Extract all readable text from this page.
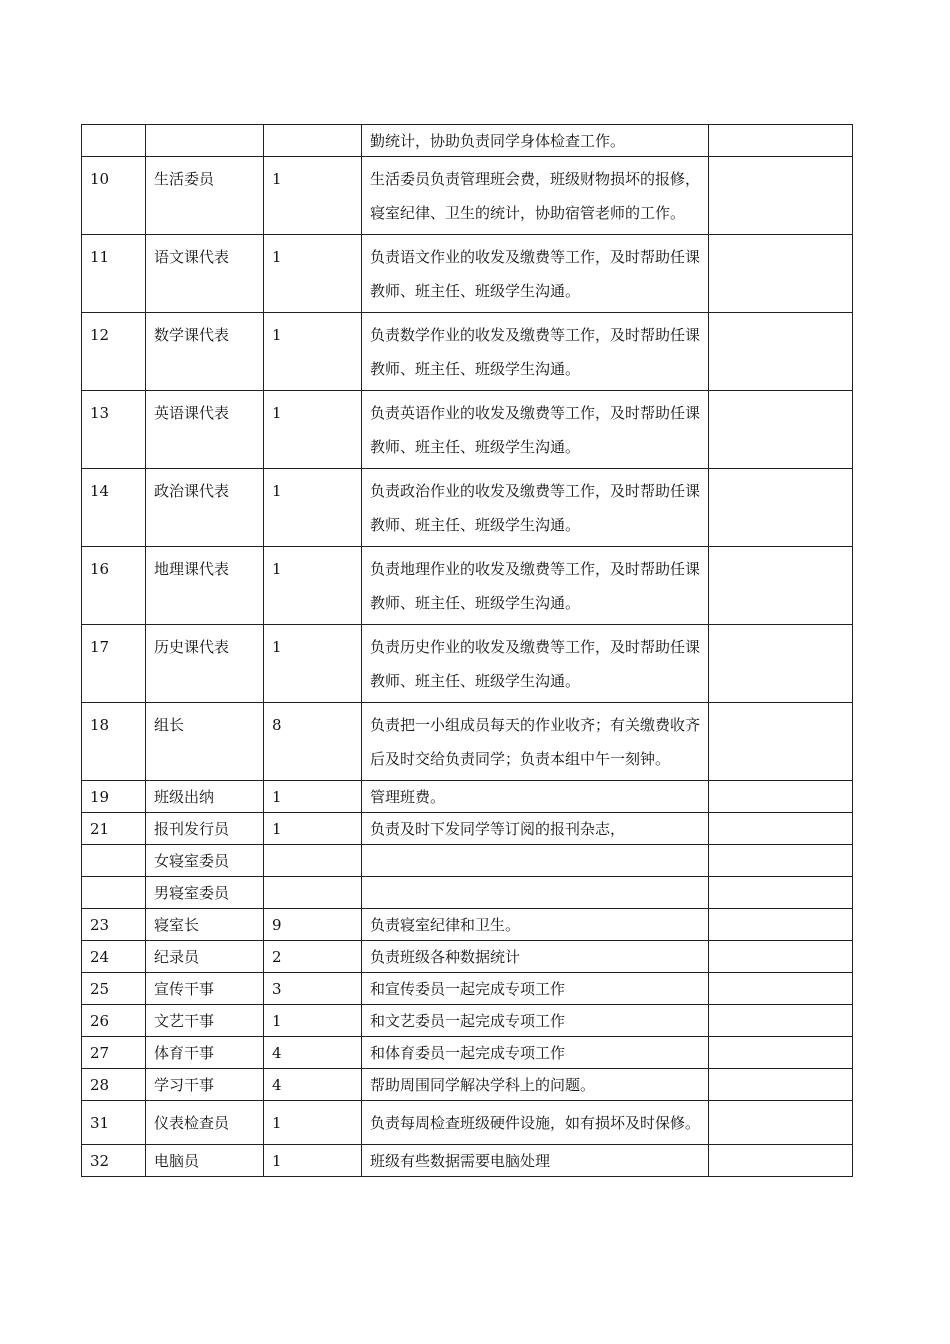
			勤统计，协助负责同学身体检查工作。	
10	生活委员	1	生活委员负责管理班会费，班级财物损坏的报修，寝室纪律、卫生的统计，协助宿管老师的工作。	
11	语文课代表	1	负责语文作业的收发及缴费等工作，及时帮助任课教师、班主任、班级学生沟通。	
12	数学课代表	1	负责数学作业的收发及缴费等工作，及时帮助任课教师、班主任、班级学生沟通。	
13	英语课代表	1	负责英语作业的收发及缴费等工作，及时帮助任课教师、班主任、班级学生沟通。	
14	政治课代表	1	负责政治作业的收发及缴费等工作，及时帮助任课教师、班主任、班级学生沟通。	
16	地理课代表	1	负责地理作业的收发及缴费等工作，及时帮助任课教师、班主任、班级学生沟通。	
17	历史课代表	1	负责历史作业的收发及缴费等工作，及时帮助任课教师、班主任、班级学生沟通。	
18	组长	8	负责把一小组成员每天的作业收齐；有关缴费收齐后及时交给负责同学；负责本组中午一刻钟。	
19	班级出纳	1	管理班费。	
21	报刊发行员	1	负责及时下发同学等订阅的报刊杂志，	
	女寝室委员			
	男寝室委员			
23	寝室长	9	负责寝室纪律和卫生。	
24	纪录员	2	负责班级各种数据统计	
25	宣传干事	3	和宣传委员一起完成专项工作	
26	文艺干事	1	和文艺委员一起完成专项工作	
27	体育干事	4	和体育委员一起完成专项工作	
28	学习干事	4	帮助周围同学解决学科上的问题。	
31	仪表检查员	1	负责每周检查班级硬件设施，如有损坏及时保修。	
32	电脑员	1	班级有些数据需要电脑处理	
